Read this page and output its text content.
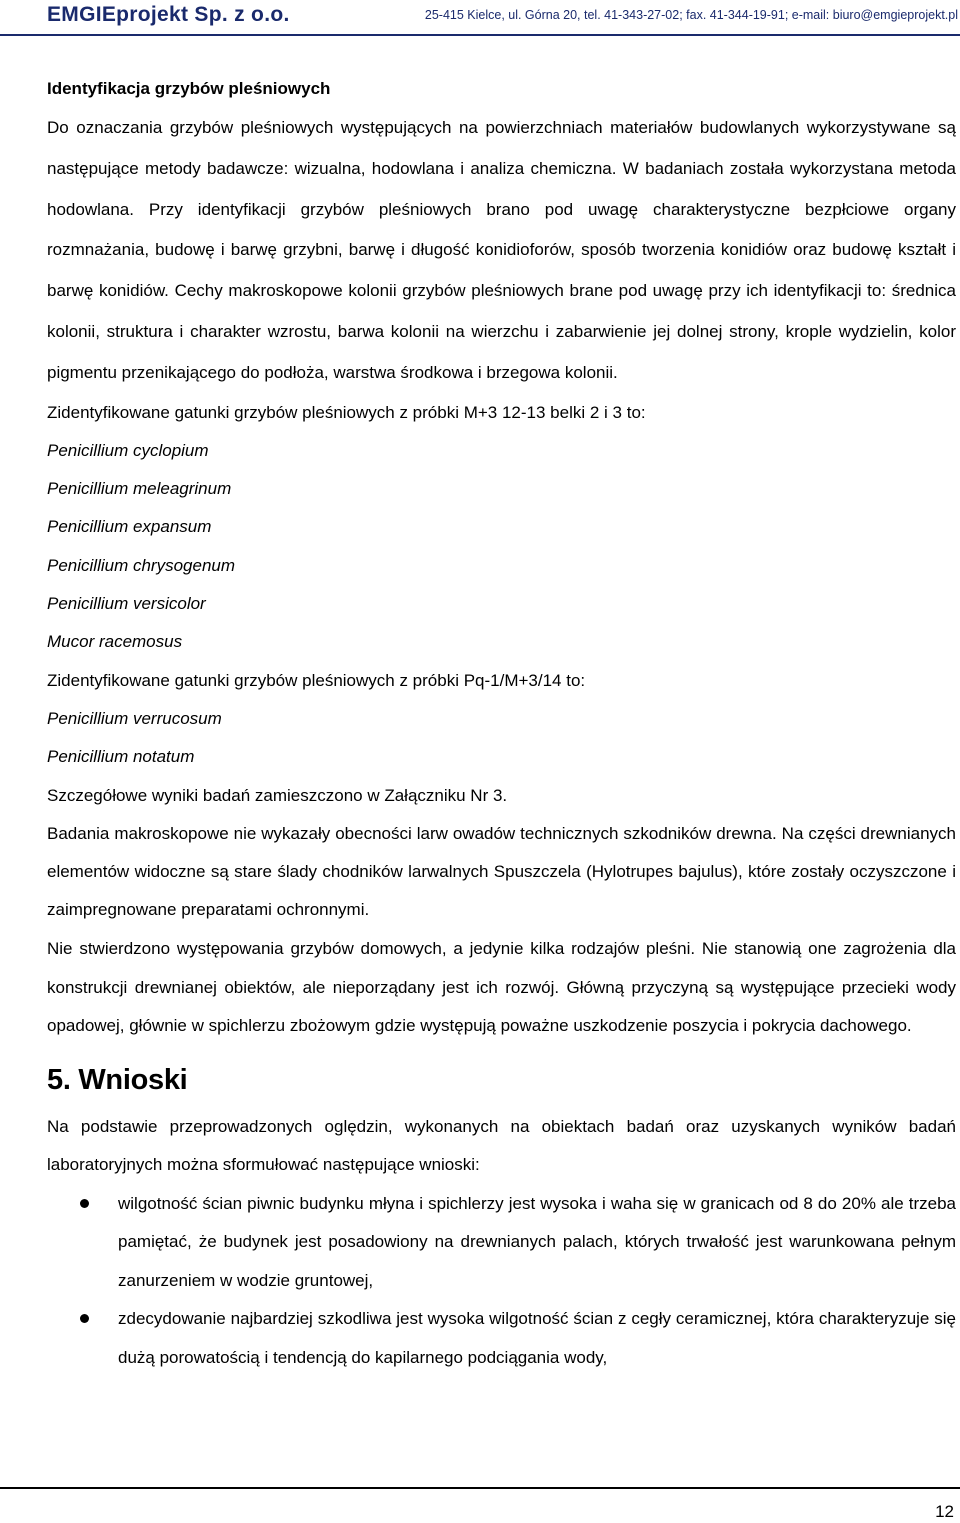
EMGIEprojekt Sp. z o.o.	25-415 Kielce, ul. Górna 20, tel. 41-343-27-02; fax. 41-344-19-91; e-mail: biuro@emgieprojekt.pl

Identyfikacja grzybów pleśniowych

Do oznaczania grzybów pleśniowych występujących na powierzchniach materiałów budowlanych wykorzystywane są następujące metody badawcze: wizualna, hodowlana i analiza chemiczna. W badaniach została wykorzystana metoda hodowlana. Przy identyfikacji grzybów pleśniowych brano pod uwagę charakterystyczne bezpłciowe organy rozmnażania, budowę i barwę grzybni, barwę i długość konidioforów, sposób tworzenia konidiów oraz budowę kształt i barwę konidiów. Cechy makroskopowe kolonii grzybów pleśniowych brane pod uwagę przy ich identyfikacji to: średnica kolonii, struktura i charakter wzrostu, barwa kolonii na wierzchu i zabarwienie jej dolnej strony, krople wydzielin, kolor pigmentu przenikającego do podłoża, warstwa środkowa i brzegowa kolonii.

Zidentyfikowane gatunki grzybów pleśniowych z próbki M+3 12-13 belki 2 i 3 to:

Penicillium cyclopium

Penicillium meleagrinum

Penicillium expansum

Penicillium chrysogenum

Penicillium versicolor

Mucor racemosus

Zidentyfikowane gatunki grzybów pleśniowych z próbki Pq-1/M+3/14 to:

Penicillium verrucosum

Penicillium notatum

Szczegółowe wyniki badań zamieszczono w Załączniku Nr 3.

Badania makroskopowe nie wykazały obecności larw owadów technicznych szkodników drewna. Na części drewnianych elementów widoczne są stare ślady chodników larwalnych Spuszczela (Hylotrupes bajulus), które zostały oczyszczone i zaimpregnowane preparatami ochronnymi.

Nie stwierdzono występowania grzybów domowych, a jedynie kilka rodzajów pleśni. Nie stanowią one zagrożenia dla konstrukcji drewnianej obiektów, ale nieporządany jest ich rozwój. Główną przyczyną są występujące przecieki wody opadowej, głównie w spichlerzu zbożowym gdzie występują poważne uszkodzenie poszycia i pokrycia dachowego.

5. Wnioski

Na podstawie przeprowadzonych oględzin, wykonanych na obiektach badań oraz uzyskanych wyników badań laboratoryjnych można sformułować następujące wnioski:

wilgotność ścian piwnic budynku młyna i spichlerzy jest wysoka i waha się w granicach od 8 do 20% ale trzeba pamiętać, że budynek jest posadowiony na drewnianych palach, których trwałość jest warunkowana pełnym zanurzeniem w wodzie gruntowej,
zdecydowanie najbardziej szkodliwa jest wysoka wilgotność ścian z cegły ceramicznej, która charakteryzuje się dużą porowatością i tendencją do kapilarnego podciągania wody,
12
